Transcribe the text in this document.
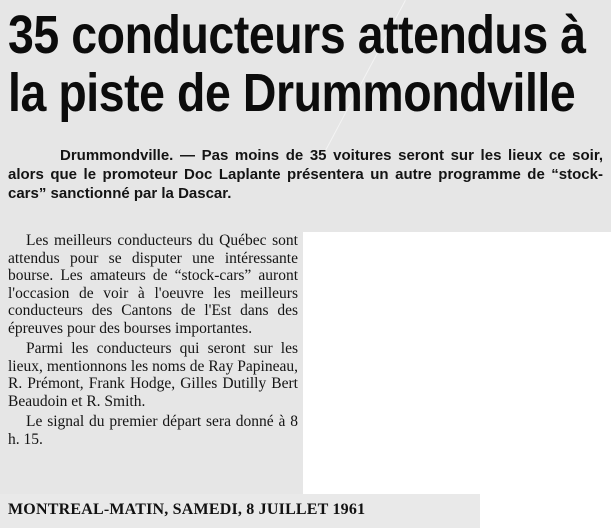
35 conducteurs attendus à
la piste de Drummondville

Drummondville. — Pas moins de 35 voitures seront sur les lieux ce soir, alors que le promoteur Doc Laplante présentera un autre programme de “stock-cars” sanctionné par la Dascar.

Les meilleurs conducteurs du Québec sont attendus pour se disputer une intéressante bourse. Les amateurs de “stock-cars” auront l'occasion de voir à l'oeuvre les meilleurs conducteurs des Cantons de l'Est dans des épreuves pour des bourses importantes.

Parmi les conducteurs qui seront sur les lieux, mentionnons les noms de Ray Papineau, R. Prémont, Frank Hodge, Gilles Dutilly Bert Beaudoin et R. Smith.

Le signal du premier départ sera donné à 8 h. 15.

MONTREAL-MATIN, SAMEDI, 8 JUILLET 1961
